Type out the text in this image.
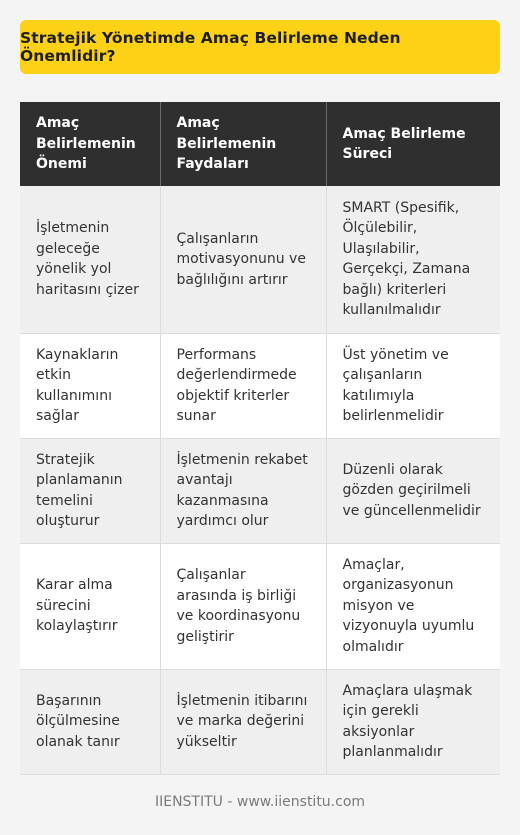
Stratejik Yönetimde Amaç Belirleme Neden Önemlidir?
Amaç Belirlemenin Önemi	Amaç Belirlemenin Faydaları	Amaç Belirleme Süreci
İşletmenin geleceğe yönelik yol haritasını çizer	Çalışanların motivasyonunu ve bağlılığını artırır	SMART (Spesifik, Ölçülebilir, Ulaşılabilir, Gerçekçi, Zamana bağlı) kriterleri kullanılmalıdır
Kaynakların etkin kullanımını sağlar	Performans değerlendirmede objektif kriterler sunar	Üst yönetim ve çalışanların katılımıyla belirlenmelidir
Stratejik planlamanın temelini oluşturur	İşletmenin rekabet avantajı kazanmasına yardımcı olur	Düzenli olarak gözden geçirilmeli ve güncellenmelidir
Karar alma sürecini kolaylaştırır	Çalışanlar arasında iş birliği ve koordinasyonu geliştirir	Amaçlar, organizasyonun misyon ve vizyonuyla uyumlu olmalıdır
Başarının ölçülmesine olanak tanır	İşletmenin itibarını ve marka değerini yükseltir	Amaçlara ulaşmak için gerekli aksiyonlar planlanmalıdır
IIENSTITU - www.iienstitu.com
